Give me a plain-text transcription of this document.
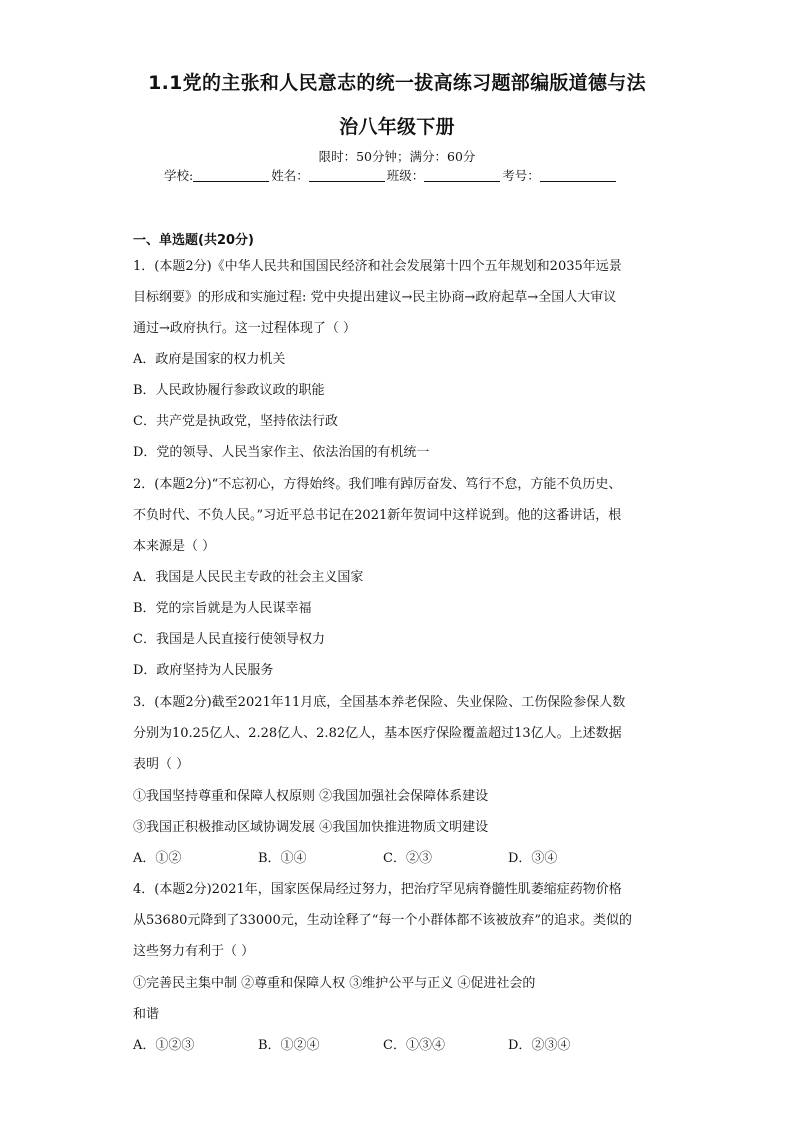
1.1党的主张和人民意志的统一拔高练习题部编版道德与法
治八年级下册
限时：50分钟；满分：60分
学校:	姓名：	班级：	考号：
一、单选题(共20分)
1．(本题2分)《中华人民共和国国民经济和社会发展第十四个五年规划和2035年远景
目标纲要》的形成和实施过程: 党中央提出建议→民主协商→政府起草→全国人大审议
通过→政府执行。这一过程体现了（ ）
A．政府是国家的权力机关
B．人民政协履行参政议政的职能
C．共产党是执政党，坚持依法行政
D．党的领导、人民当家作主、依法治国的有机统一
2．(本题2分)“不忘初心，方得始终。我们唯有踔厉奋发、笃行不怠，方能不负历史、
不负时代、不负人民。”习近平总书记在2021新年贺词中这样说到。他的这番讲话，根
本来源是（ ）
A．我国是人民民主专政的社会主义国家
B．党的宗旨就是为人民谋幸福
C．我国是人民直接行使领导权力
D．政府坚持为人民服务
3．(本题2分)截至2021年11月底，全国基本养老保险、失业保险、工伤保险参保人数
分别为10.25亿人、2.28亿人、2.82亿人，基本医疗保险覆盖超过13亿人。上述数据
表明（ ）
①我国坚持尊重和保障人权原则 ②我国加强社会保障体系建设
③我国正积极推动区域协调发展 ④我国加快推进物质文明建设
A．①②	B．①④	C．②③	D．③④
4．(本题2分)2021年，国家医保局经过努力，把治疗罕见病脊髓性肌萎缩症药物价格
从53680元降到了33000元，生动诠释了“每一个小群体都不该被放弃”的追求。类似的
这些努力有利于（ ）
①完善民主集中制 ②尊重和保障人权 ③维护公平与正义 ④促进社会的
和谐
A．①②③	B．①②④	C．①③④	D．②③④
